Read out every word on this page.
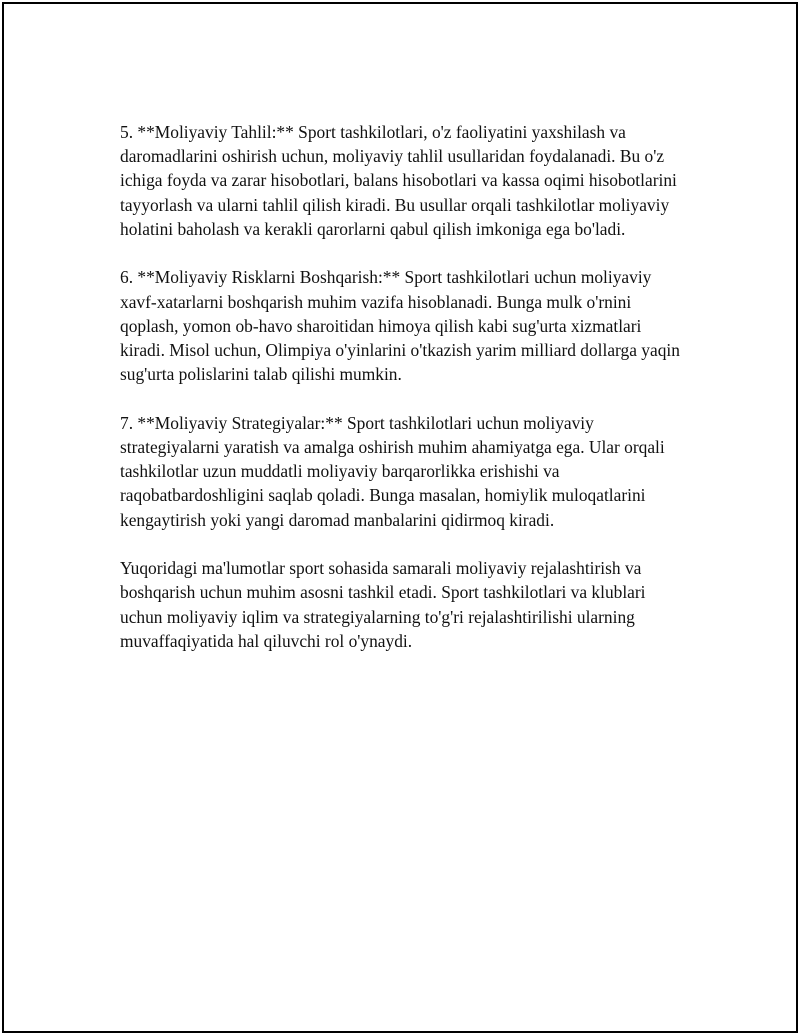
5. **Moliyaviy Tahlil:** Sport tashkilotlari, o'z faoliyatini yaxshilash va daromadlarini oshirish uchun, moliyaviy tahlil usullaridan foydalanadi. Bu o'z ichiga foyda va zarar hisobotlari, balans hisobotlari va kassa oqimi hisobotlarini tayyorlash va ularni tahlil qilish kiradi. Bu usullar orqali tashkilotlar moliyaviy holatini baholash va kerakli qarorlarni qabul qilish imkoniga ega bo'ladi.

6. **Moliyaviy Risklarni Boshqarish:** Sport tashkilotlari uchun moliyaviy xavf-xatarlarni boshqarish muhim vazifa hisoblanadi. Bunga mulk o'rnini qoplash, yomon ob-havo sharoitidan himoya qilish kabi sug'urta xizmatlari kiradi. Misol uchun, Olimpiya o'yinlarini o'tkazish yarim milliard dollarga yaqin sug'urta polislarini talab qilishi mumkin.

7. **Moliyaviy Strategiyalar:** Sport tashkilotlari uchun moliyaviy strategiyalarni yaratish va amalga oshirish muhim ahamiyatga ega. Ular orqali tashkilotlar uzun muddatli moliyaviy barqarorlikka erishishi va raqobatbardoshligini saqlab qoladi. Bunga masalan, homiylik muloqatlarini kengaytirish yoki yangi daromad manbalarini qidirmoq kiradi.

Yuqoridagi ma'lumotlar sport sohasida samarali moliyaviy rejalashtirish va boshqarish uchun muhim asosni tashkil etadi. Sport tashkilotlari va klublari uchun moliyaviy iqlim va strategiyalarning to'g'ri rejalashtirilishi ularning muvaffaqiyatida hal qiluvchi rol o'ynaydi.
